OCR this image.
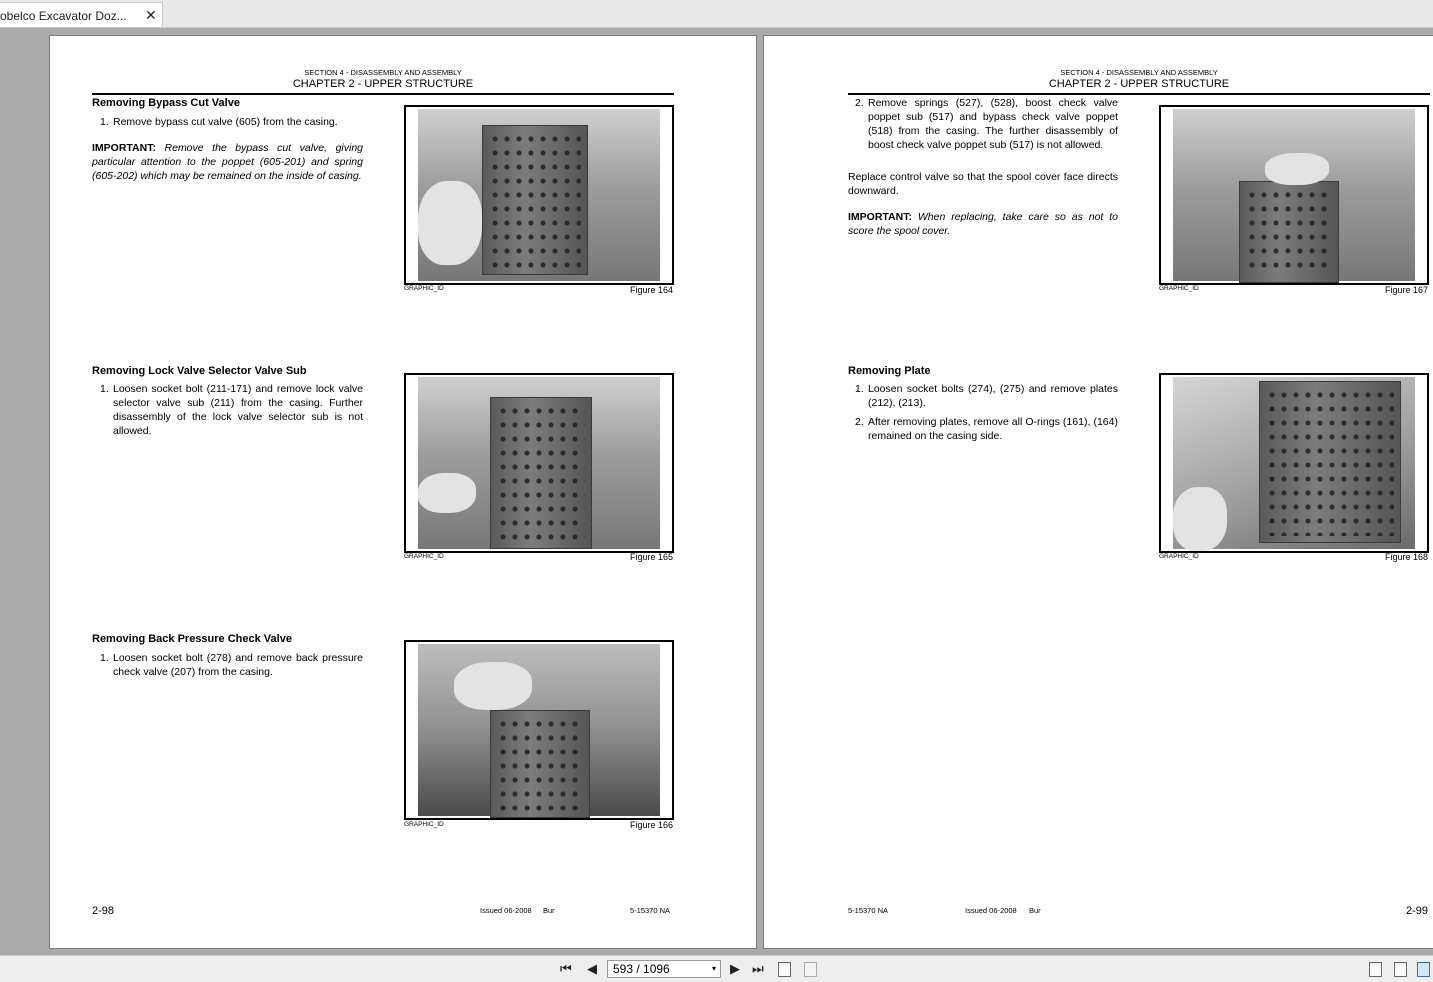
obelco Excavator Doz... ✕
SECTION 4 - DISASSEMBLY AND ASSEMBLY
CHAPTER 2 - UPPER STRUCTURE
Removing Bypass Cut Valve
1. Remove bypass cut valve (605) from the casing.
IMPORTANT: Remove the bypass cut valve, giving particular attention to the poppet (605-201) and spring (605-202) which may be remained on the inside of casing.
GRAPHIC_ID	Figure 164
Removing Lock Valve Selector Valve Sub
1. Loosen socket bolt (211-171) and remove lock valve selector valve sub (211) from the casing. Further disassembly of the lock valve selector sub is not allowed.
GRAPHIC_ID	Figure 165
Removing Back Pressure Check Valve
1. Loosen socket bolt (278) and remove back pressure check valve (207) from the casing.
GRAPHIC_ID	Figure 166
2-98	Issued 06-2008 Bur	5-15370 NA
SECTION 4 - DISASSEMBLY AND ASSEMBLY
CHAPTER 2 - UPPER STRUCTURE
2. Remove springs (527), (528), boost check valve poppet sub (517) and bypass check valve poppet (518) from the casing. The further disassembly of boost check valve poppet sub (517) is not allowed.
Replace control valve so that the spool cover face directs downward.
IMPORTANT: When replacing, take care so as not to score the spool cover.
GRAPHIC_ID	Figure 167
Removing Plate
1. Loosen socket bolts (274), (275) and remove plates (212), (213).
2. After removing plates, remove all O-rings (161), (164) remained on the casing side.
GRAPHIC_ID	Figure 168
5-15370 NA	Issued 06-2008 Bur	2-99
⏮ ◀	593 / 1096	▾ ▶ ⏭
